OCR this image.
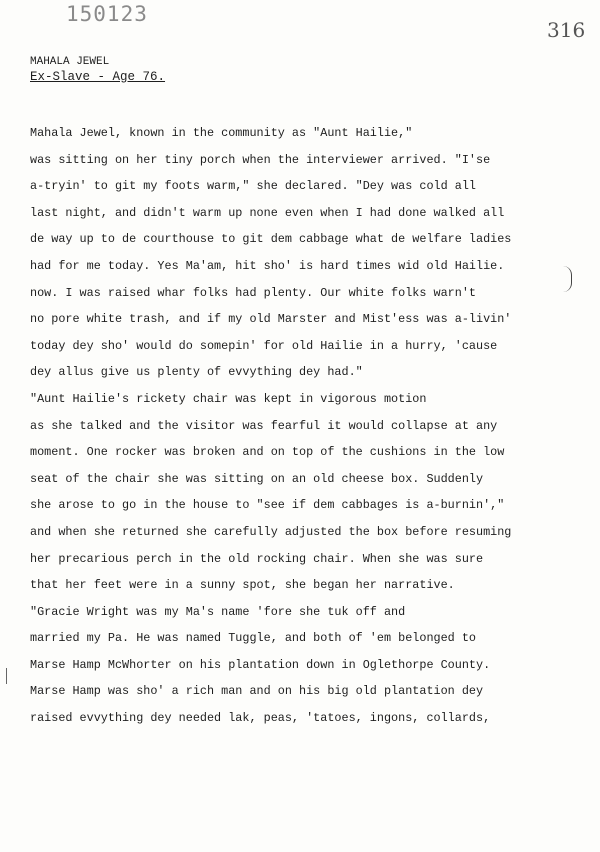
150123
316
MAHALA JEWEL
Ex-Slave - Age 76.

Mahala Jewel, known in the community as "Aunt Hailie,"

was sitting on her tiny porch when the interviewer arrived. "I'se

a-tryin' to git my foots warm," she declared. "Dey was cold all

last night, and didn't warm up none even when I had done walked all

de way up to de courthouse to git dem cabbage what de welfare ladies

had for me today. Yes Ma'am, hit sho' is hard times wid old Hailie.

now. I was raised whar folks had plenty. Our white folks warn't

no pore white trash, and if my old Marster and Mist'ess was a-livin'

today dey sho' would do somepin' for old Hailie in a hurry, 'cause

dey allus give us plenty of evvything dey had."

"Aunt Hailie's rickety chair was kept in vigorous motion

as she talked and the visitor was fearful it would collapse at any

moment. One rocker was broken and on top of the cushions in the low

seat of the chair she was sitting on an old cheese box. Suddenly

she arose to go in the house to "see if dem cabbages is a-burnin',"

and when she returned she carefully adjusted the box before resuming

her precarious perch in the old rocking chair. When she was sure

that her feet were in a sunny spot, she began her narrative.

"Gracie Wright was my Ma's name 'fore she tuk off and

married my Pa. He was named Tuggle, and both of 'em belonged to

Marse Hamp McWhorter on his plantation down in Oglethorpe County.

Marse Hamp was sho' a rich man and on his big old plantation dey

raised evvything dey needed lak, peas, 'tatoes, ingons, collards,
